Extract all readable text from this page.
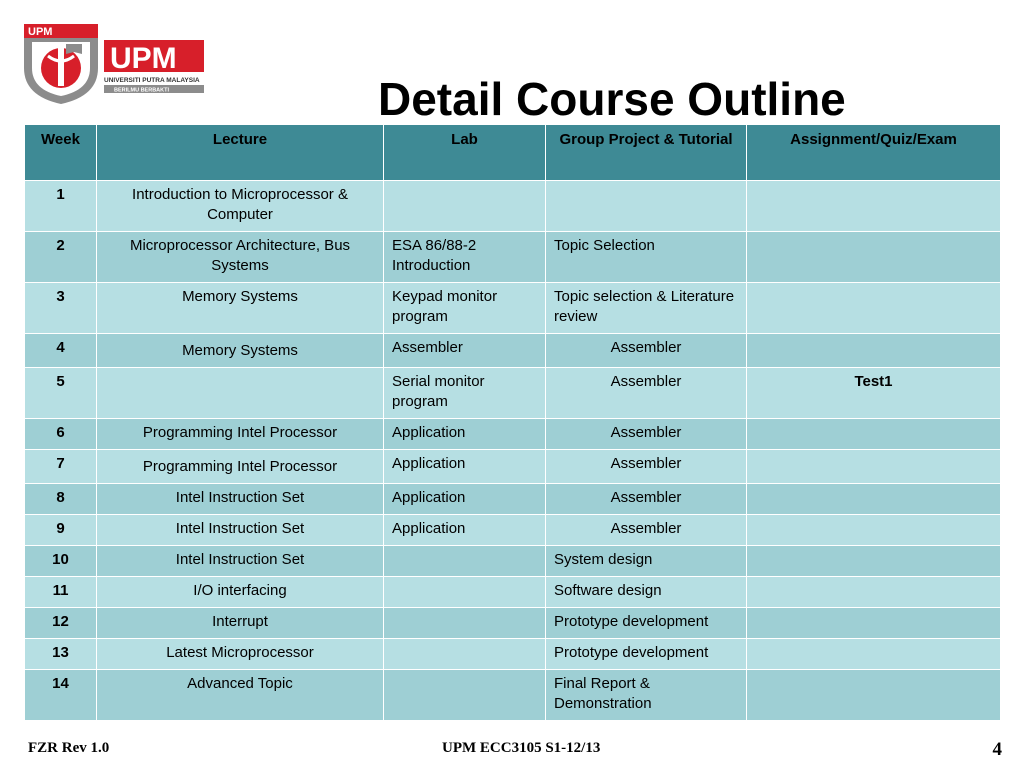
UPM
UPM
UNIVERSITI PUTRA MALAYSIA
BERILMU BERBAKTI	Detail Course Outline
Week	Lecture	Lab	Group Project & Tutorial	Assignment/Quiz/Exam
1	Introduction to Microprocessor & Computer			
2	Microprocessor Architecture, Bus Systems	ESA 86/88-2 Introduction	Topic Selection	
3	Memory Systems	Keypad monitor program	Topic selection & Literature review	
4	Memory Systems	Assembler	Assembler	
5		Serial monitor program	Assembler	Test1
6	Programming Intel Processor	Application	Assembler	
7	Programming Intel Processor	Application	Assembler	
8	Intel Instruction Set	Application	Assembler	
9	Intel Instruction Set	Application	Assembler	
10	Intel Instruction Set		System design	
11	I/O interfacing		Software design	
12	Interrupt		Prototype development	
13	Latest Microprocessor		Prototype development	
14	Advanced Topic		Final Report & Demonstration	
FZR Rev 1.0	UPM ECC3105 S1-12/13	4
